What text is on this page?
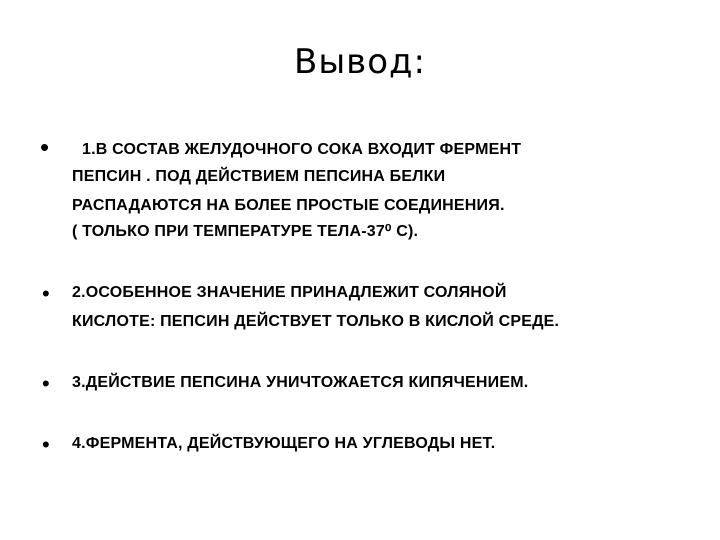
Вывод:
• 1.В СОСТАВ ЖЕЛУДОЧНОГО СОКА ВХОДИТ ФЕРМЕНТ
ПЕПСИН . ПОД ДЕЙСТВИЕМ ПЕПСИНА БЕЛКИ
РАСПАДАЮТСЯ НА БОЛЕЕ ПРОСТЫЕ СОЕДИНЕНИЯ.
( ТОЛЬКО ПРИ ТЕМПЕРАТУРЕ ТЕЛА-37⁰ С).
• 2.ОСОБЕННОЕ ЗНАЧЕНИЕ ПРИНАДЛЕЖИТ СОЛЯНОЙ
КИСЛОТЕ: ПЕПСИН ДЕЙСТВУЕТ ТОЛЬКО В КИСЛОЙ СРЕДЕ.
• 3.ДЕЙСТВИЕ ПЕПСИНА УНИЧТОЖАЕТСЯ КИПЯЧЕНИЕМ.
• 4.ФЕРМЕНТА, ДЕЙСТВУЮЩЕГО НА УГЛЕВОДЫ НЕТ.
